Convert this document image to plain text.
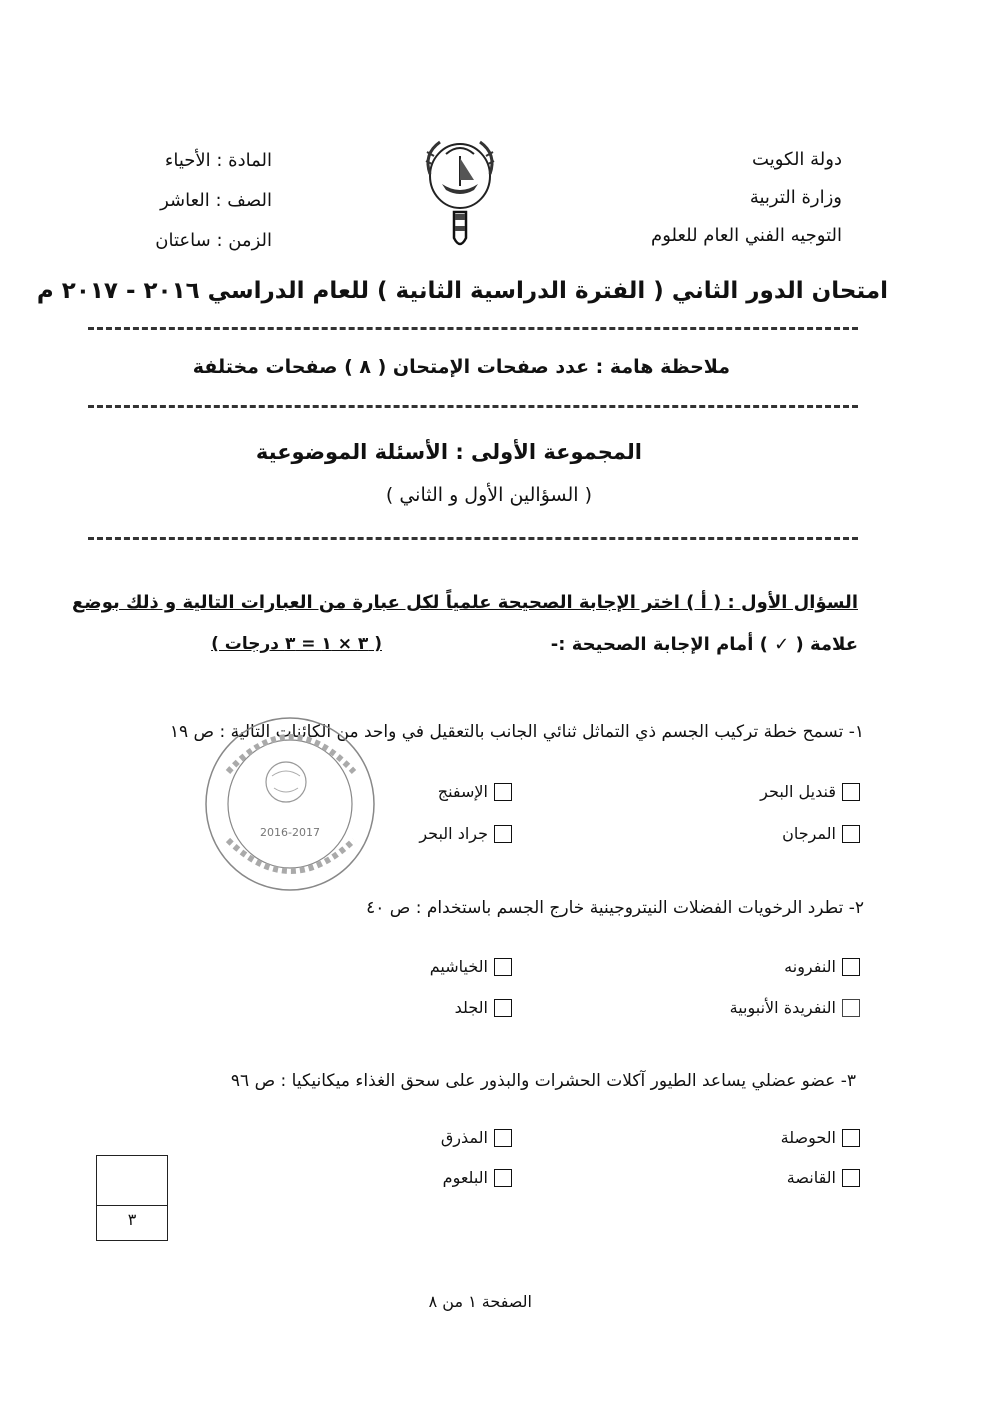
دولة الكويت
وزارة التربية
التوجيه الفني العام للعلوم
المادة : الأحياء
الصف : العاشر
الزمن : ساعتان
امتحان الدور الثاني ( الفترة الدراسية الثانية ) للعام الدراسي ٢٠١٦ - ٢٠١٧ م
ملاحظة هامة : عدد صفحات الإمتحان ( ٨ ) صفحات مختلفة
المجموعة الأولى : الأسئلة الموضوعية
( السؤالين الأول و الثاني )
السؤال الأول : ( أ ) اختر الإجابة الصحيحة علمياً لكل عبارة من العبارات التالية و ذلك بوضع
علامة ( ✓ ) أمام الإجابة الصحيحة :-
( ٣ × ١ = ٣ درجات )
١- تسمح خطة تركيب الجسم ذي التماثل ثنائي الجانب بالتعقيل في واحد من الكائنات التالية : ص ١٩
قنديل البحر
الإسفنج
المرجان
جراد البحر
2016-2017
٢- تطرد الرخويات الفضلات النيتروجينية خارج الجسم باستخدام : ص ٤٠
النفرونه
الخياشيم
النفريدة الأنبوبية
الجلد
٣- عضو عضلي يساعد الطيور آكلات الحشرات والبذور على سحق الغذاء ميكانيكيا : ص ٩٦
الحوصلة
المذرق
القانصة
البلعوم
٣
الصفحة ١ من ٨
